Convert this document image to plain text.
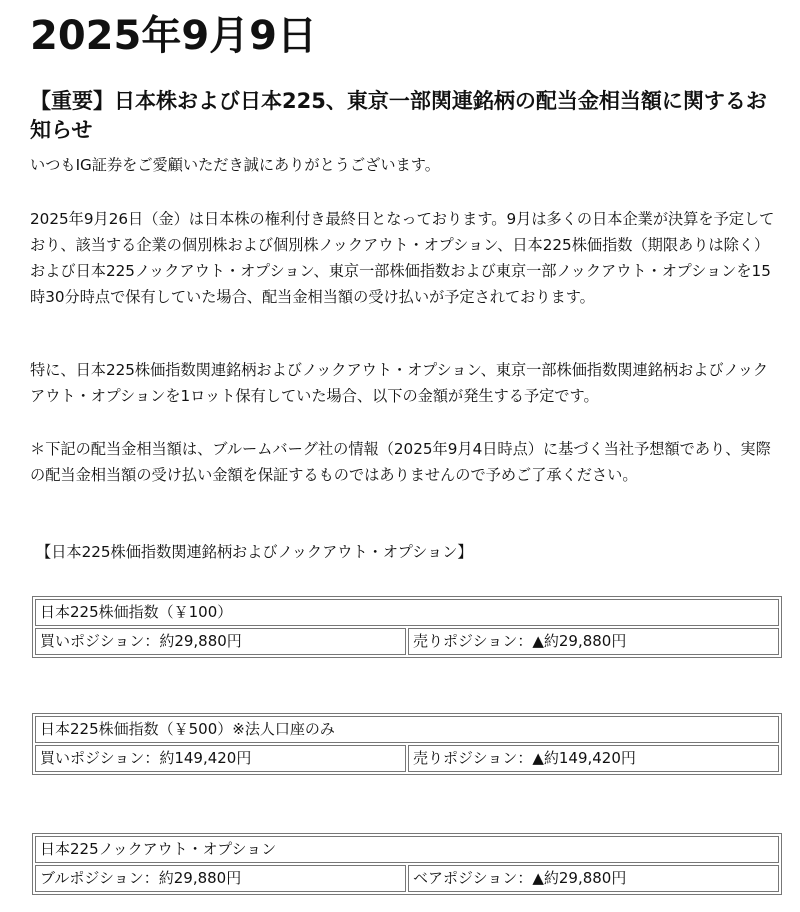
2025年9月9日
【重要】日本株および日本225、東京一部関連銘柄の配当金相当額に関するお知らせ

いつもIG証券をご愛顧いただき誠にありがとうございます。

2025年9月26日（金）は日本株の権利付き最終日となっております。9月は多くの日本企業が決算を予定しており、該当する企業の個別株および個別株ノックアウト・オプション、日本225株価指数（期限ありは除く）および日本225ノックアウト・オプション、東京一部株価指数および東京一部ノックアウト・オプションを15時30分時点で保有していた場合、配当金相当額の受け払いが予定されております。

特に、日本225株価指数関連銘柄およびノックアウト・オプション、東京一部株価指数関連銘柄およびノックアウト・オプションを1ロット保有していた場合、以下の金額が発生する予定です。

＊下記の配当金相当額は、ブルームバーグ社の情報（2025年9月4日時点）に基づく当社予想額であり、実際の配当金相当額の受け払い金額を保証するものではありませんので予めご了承ください。

【日本225株価指数関連銘柄およびノックアウト・オプション】

日本225株価指数（￥100）
買いポジション：約29,880円	売りポジション：▲約29,880円
日本225株価指数（￥500）※法人口座のみ
買いポジション：約149,420円	売りポジション：▲約149,420円
日本225ノックアウト・オプション
ブルポジション：約29,880円	ベアポジション：▲約29,880円
